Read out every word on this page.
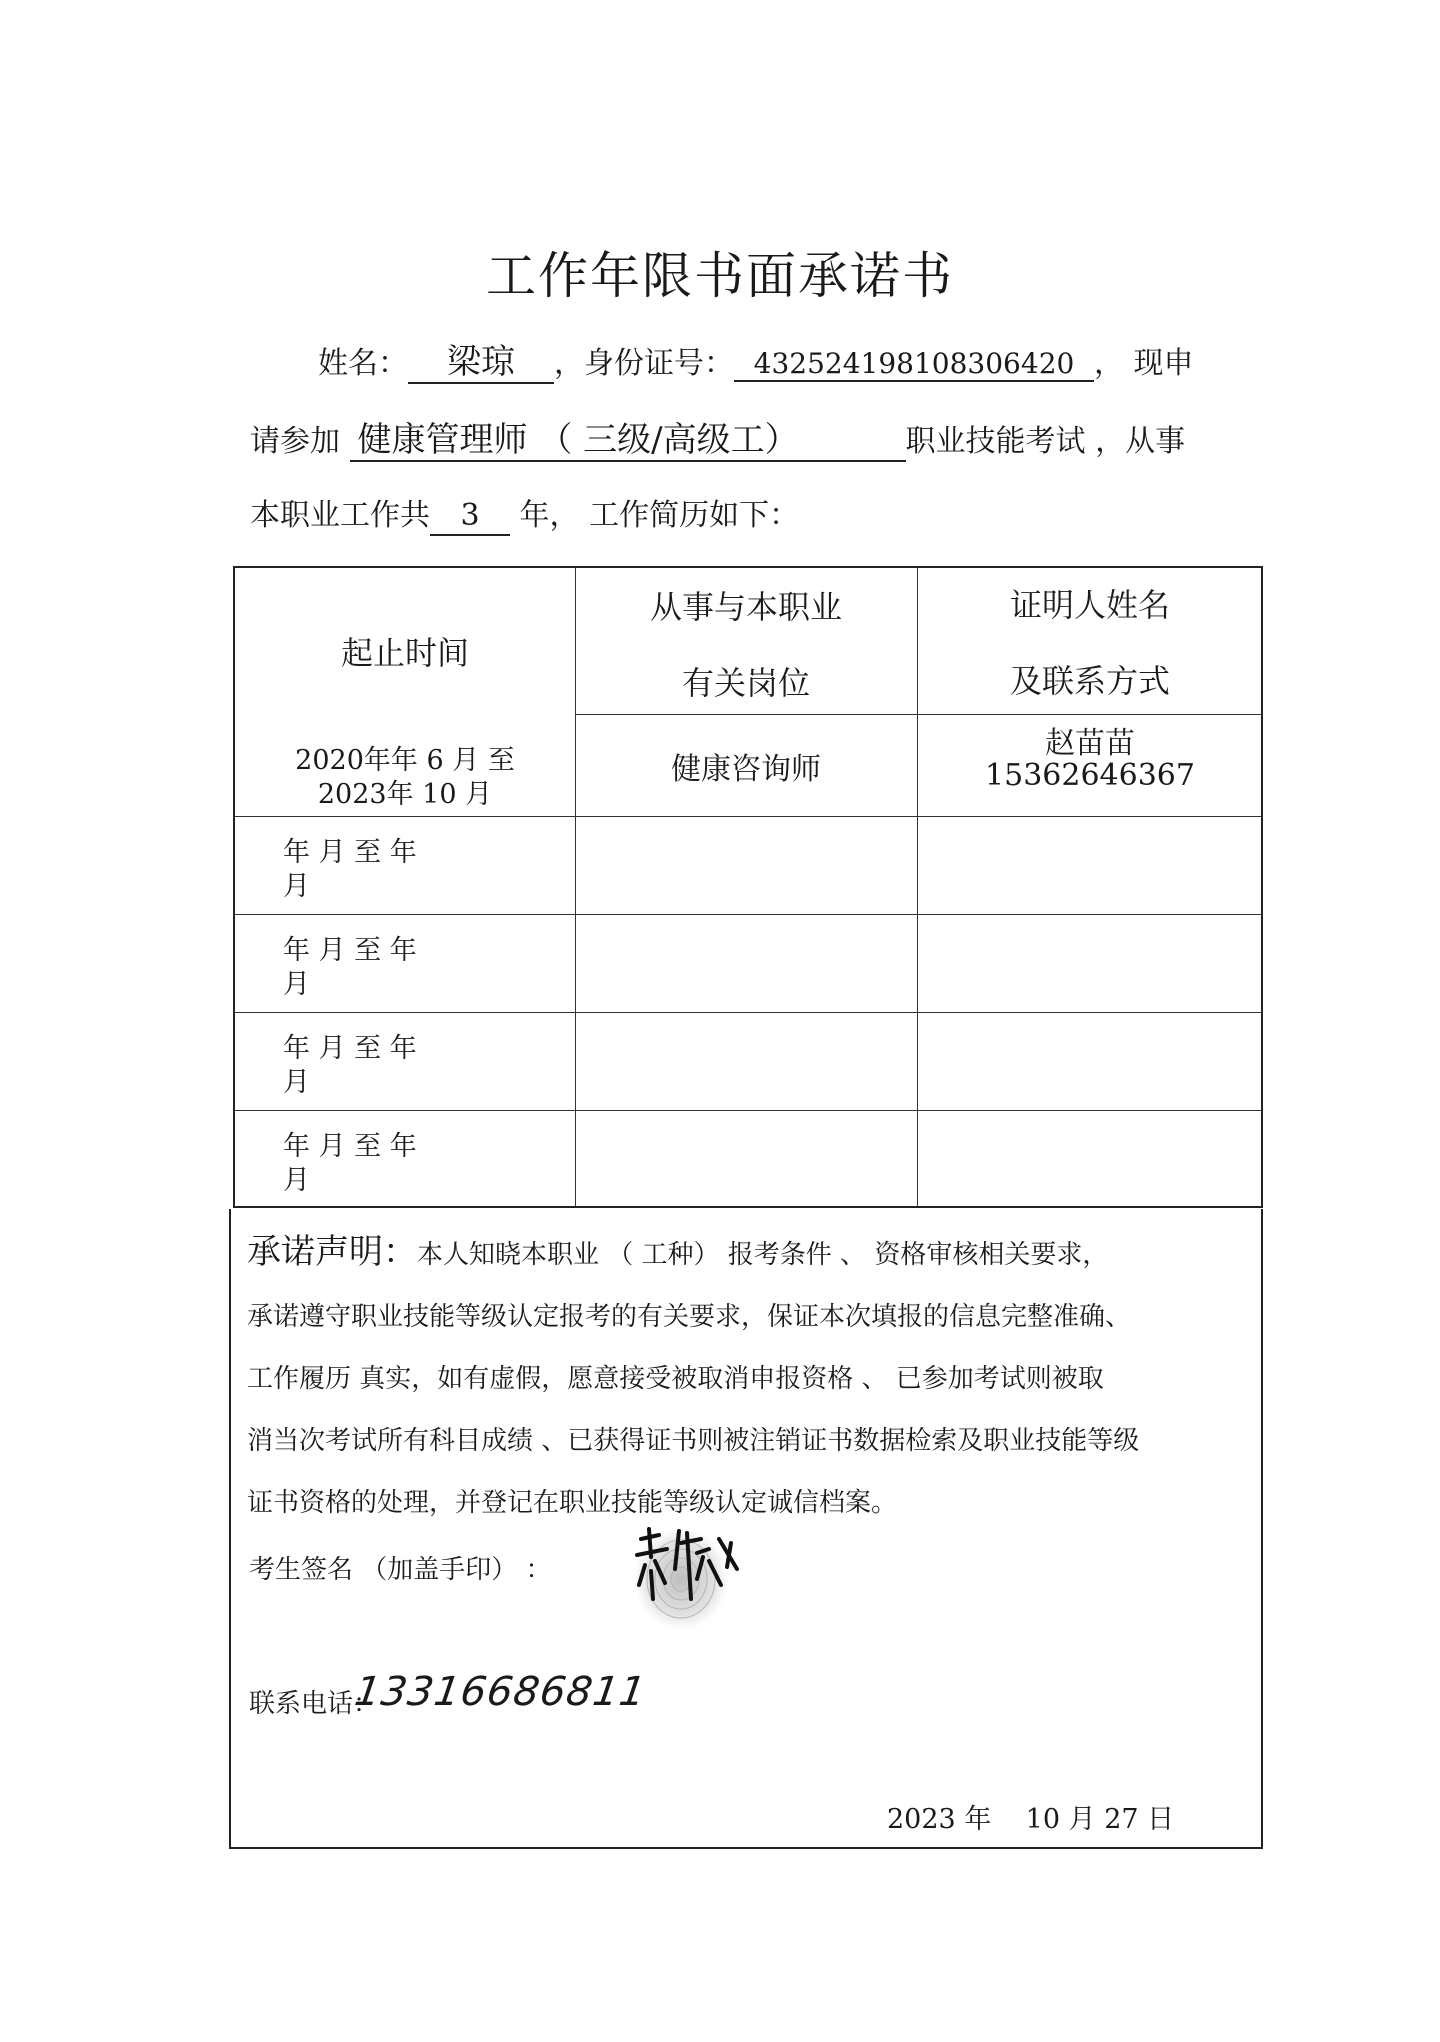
工作年限书面承诺书
姓名： 梁琼 ，身份证号： 432524198108306420 ， 现申
请参加 健康管理师 （ 三级/高级工）	职业技能考试 ，从事
本职业工作共 3 年， 工作简历如下：
起止时间
从事与本职业
有关岗位
证明人姓名
及联系方式
2020年年 6 月 至
2023年 10 月
健康咨询师
赵苗苗
15362646367
年 月 至 年
月
年 月 至 年
月
年 月 至 年
月
年 月 至 年
月
承诺声明：本人知晓本职业 （ 工种） 报考条件 、 资格审核相关要求，
承诺遵守职业技能等级认定报考的有关要求，保证本次填报的信息完整准确、
工作履历 真实，如有虚假，愿意接受被取消申报资格 、 已参加考试则被取
消当次考试所有科目成绩 、已获得证书则被注销证书数据检索及职业技能等级
证书资格的处理，并登记在职业技能等级认定诚信档案。
考生签名 （加盖手印） ：
联系电话：
13316686811
2023 年 10 月 27 日
